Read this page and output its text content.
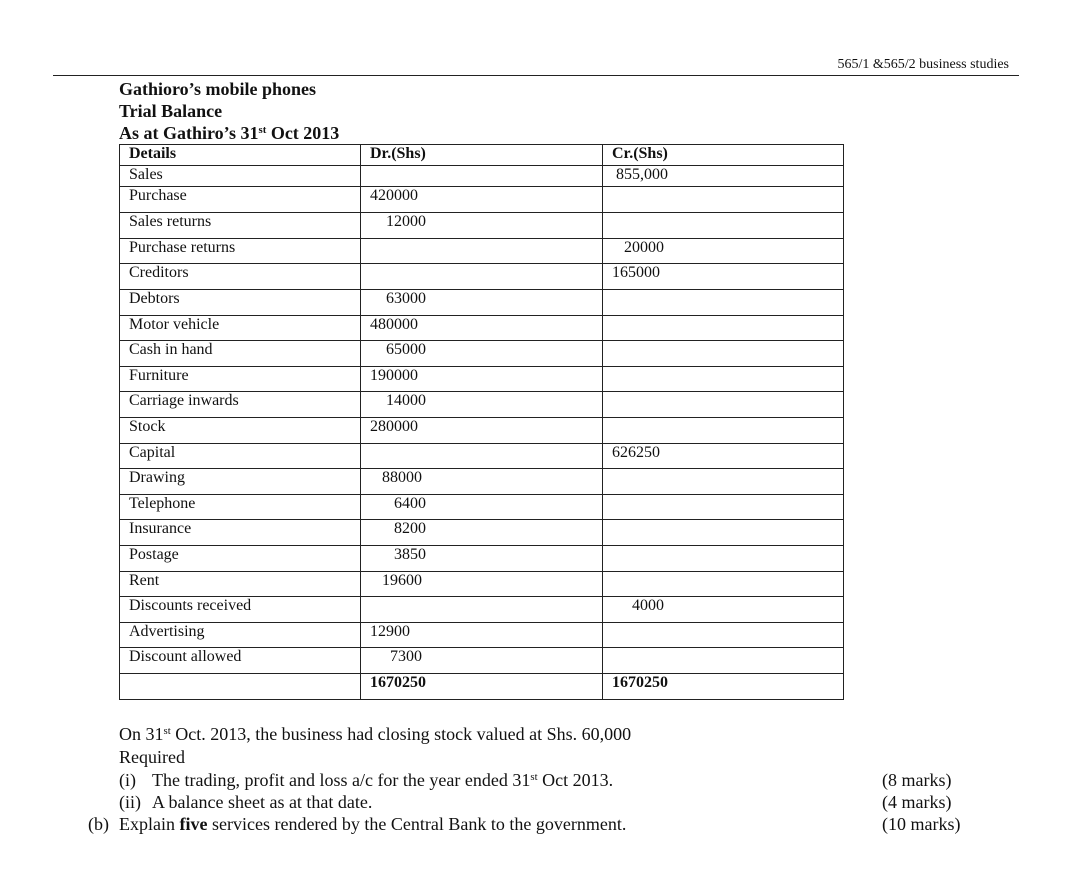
565/1 &565/2 business studies
Gathioro’s mobile phones
Trial Balance
As at Gathiro’s 31st Oct 2013
Details	Dr.(Shs)	Cr.(Shs)
Sales		855,000
Purchase	420000	
Sales returns	12000	
Purchase returns		20000
Creditors		165000
Debtors	63000	
Motor vehicle	480000	
Cash in hand	65000	
Furniture	190000	
Carriage inwards	14000	
Stock	280000	
Capital		626250
Drawing	88000	
Telephone	6400	
Insurance	8200	
Postage	3850	
Rent	19600	
Discounts received		4000
Advertising	12900	
Discount allowed	7300	
	1670250	1670250
On 31st Oct. 2013, the business had closing stock valued at Shs. 60,000
Required
(i) The trading, profit and loss a/c for the year ended 31st Oct 2013.	(8 marks)
(ii) A balance sheet as at that date.	(4 marks)
(b) Explain five services rendered by the Central Bank to the government.	(10 marks)
